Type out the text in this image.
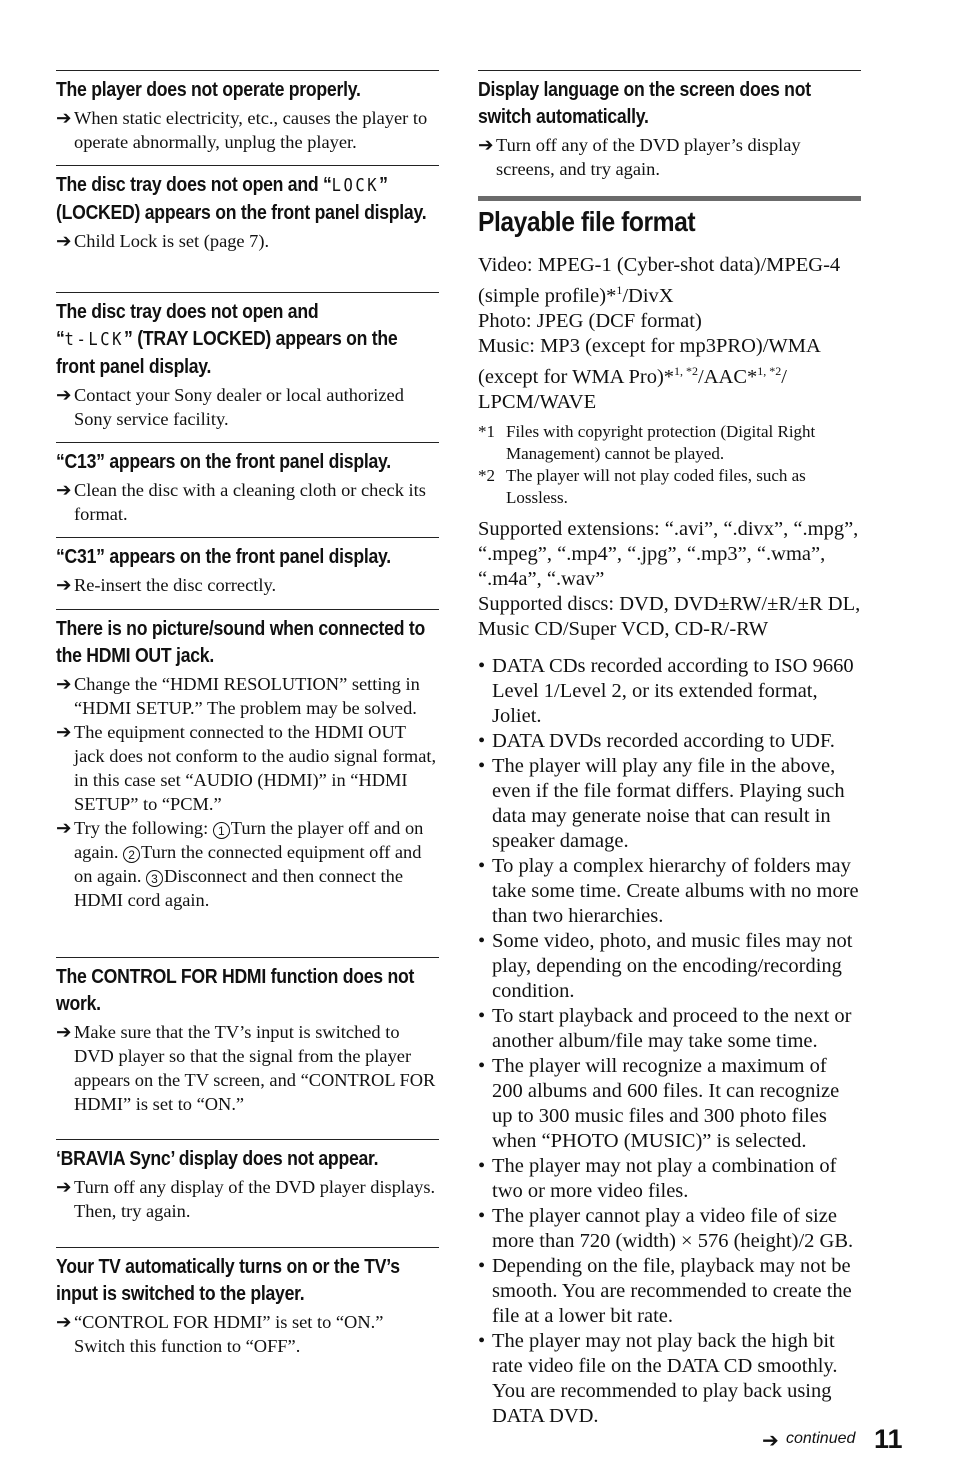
The player does not operate properly.
➔ When static electricity, etc., causes the player to operate abnormally, unplug the player.
The disc tray does not open and “LOCK” (LOCKED) appears on the front panel display.
➔ Child Lock is set (page 7).
The disc tray does not open and
“t-LCK” (TRAY LOCKED) appears on the front panel display.
➔ Contact your Sony dealer or local authorized Sony service facility.
“C13” appears on the front panel display.
➔ Clean the disc with a cleaning cloth or check its format.
“C31” appears on the front panel display.
➔ Re-insert the disc correctly.
There is no picture/sound when connected to the HDMI OUT jack.
➔ Change the “HDMI RESOLUTION” setting in “HDMI SETUP.” The problem may be solved.
➔ The equipment connected to the HDMI OUT jack does not conform to the audio signal format, in this case set “AUDIO (HDMI)” in “HDMI SETUP” to “PCM.”
➔ Try the following: 1 Turn the player off and on again. 2 Turn the connected equipment off and on again. 3 Disconnect and then connect the HDMI cord again.
The CONTROL FOR HDMI function does not work.
➔ Make sure that the TV’s input is switched to DVD player so that the signal from the player appears on the TV screen, and “CONTROL FOR HDMI” is set to “ON.”
‘BRAVIA Sync’ display does not appear.
➔ Turn off any display of the DVD player displays. Then, try again.
Your TV automatically turns on or the TV’s input is switched to the player.
➔ “CONTROL FOR HDMI” is set to “ON.” Switch this function to “OFF”.
Display language on the screen does not switch automatically.
➔ Turn off any of the DVD player’s display screens, and try again.
Playable file format

Video: MPEG-1 (Cyber-shot data)/MPEG-4 (simple profile)*$^1$/DivX

Photo: JPEG (DCF format)

Music: MP3 (except for mp3PRO)/WMA (except for WMA Pro)*$^{1, *2}$/AAC*$^{1, *2}$/ LPCM/WAVE

*1 Files with copyright protection (Digital Right Management) cannot be played.
*2 The player will not play coded files, such as Lossless.

Supported extensions: “.avi”, “.divx”, “.mpg”, “.mpeg”, “.mp4”, “.jpg”, “.mp3”, “.wma”, “.m4a”, “.wav”

Supported discs: DVD, DVD±RW/±R/±R DL, Music CD/Super VCD, CD-R/-RW

• DATA CDs recorded according to ISO 9660 Level 1/Level 2, or its extended format, Joliet.
• DATA DVDs recorded according to UDF.
• The player will play any file in the above, even if the file format differs. Playing such data may generate noise that can result in speaker damage.
• To play a complex hierarchy of folders may take some time. Create albums with no more than two hierarchies.
• Some video, photo, and music files may not play, depending on the encoding/recording condition.
• To start playback and proceed to the next or another album/file may take some time.
• The player will recognize a maximum of 200 albums and 600 files. It can recognize up to 300 music files and 300 photo files when “PHOTO (MUSIC)” is selected.
• The player may not play a combination of two or more video files.
• The player cannot play a video file of size more than 720 (width) × 576 (height)/2 GB.
• Depending on the file, playback may not be smooth. You are recommended to create the file at a lower bit rate.
• The player may not play back the high bit rate video file on the DATA CD smoothly. You are recommended to play back using DATA DVD.
➔ continued 11
